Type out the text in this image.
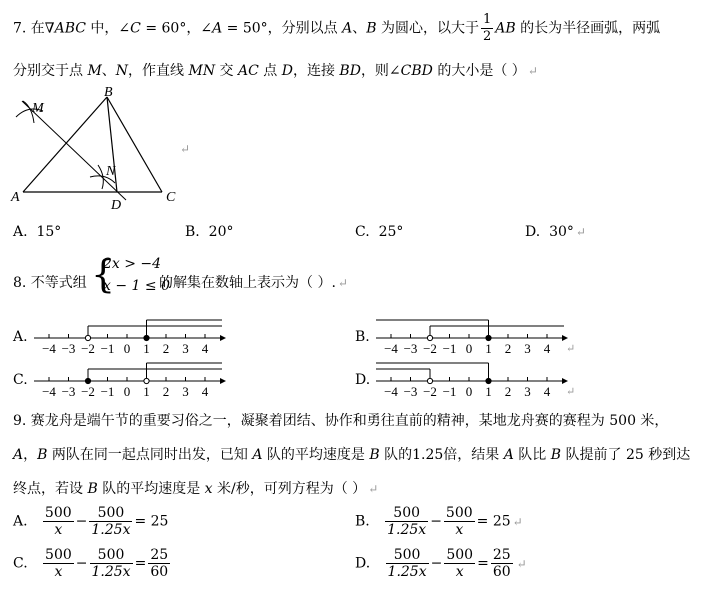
7. 在∇ABC 中，∠C = 60°，∠A = 50°，分别以点 A、B 为圆心，以大于 $\frac{1}{2}$ AB 的长为半径画弧，两弧
分别交于点 M、N，作直线 MN 交 AC 点 D，连接 BD，则∠CBD 的大小是（ ） ↵
M
B
N
A
D
C
↵
A. 15°	B. 20°	C. 25°	D. 30° ↵
8. 不等式组 {
2x > −4
x − 1 ≤ 0
的解集在数轴上表示为（ ）. ↵
A.
−4 −3 −2 −1 0 1 2 3 4
B.
−4 −3 −2 −1 0 1 2 3 4 ↵
C.
−4 −3 −2 −1 0 1 2 3 4
D.
−4 −3 −2 −1 0 1 2 3 4 ↵
9. 赛龙舟是端午节的重要习俗之一，凝聚着团结、协作和勇往直前的精神，某地龙舟赛的赛程为 500 米，
A，B 两队在同一起点同时出发，已知 A 队的平均速度是 B 队的1.25倍，结果 A 队比 B 队提前了 25 秒到达
终点，若设 B 队的平均速度是 x 米/秒，可列方程为（ ） ↵
A. $\frac{500}{x} - \frac{500}{1.25x} = 25$	B. $\frac{500}{1.25x} - \frac{500}{x} = 25$ ↵
C. $\frac{500}{x} - \frac{500}{1.25x} = \frac{25}{60}$	D. $\frac{500}{1.25x} - \frac{500}{x} = \frac{25}{60}$ ↵
